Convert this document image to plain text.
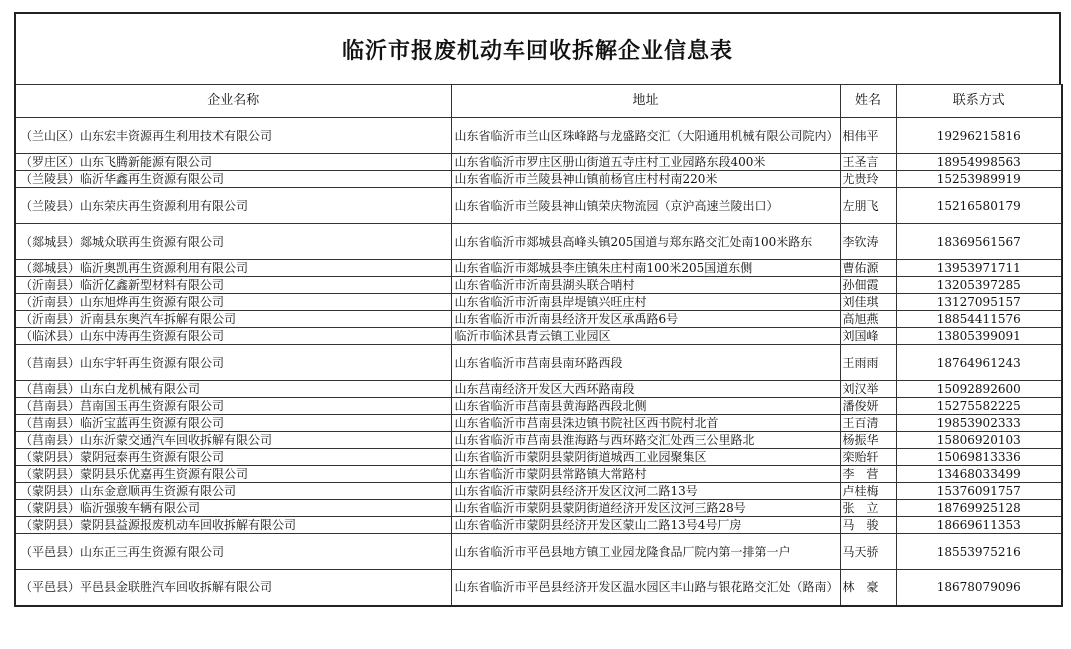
临沂市报废机动车回收拆解企业信息表
企业名称	地址	姓名	联系方式
（兰山区）山东宏丰资源再生利用技术有限公司	山东省临沂市兰山区珠峰路与龙盛路交汇（大阳通用机械有限公司院内）	相伟平	19296215816
（罗庄区）山东飞腾新能源有限公司	山东省临沂市罗庄区册山街道五寺庄村工业园路东段400米	王圣言	18954998563
（兰陵县）临沂华鑫再生资源有限公司	山东省临沂市兰陵县神山镇前杨官庄村村南220米	尤贵玲	15253989919
（兰陵县）山东荣庆再生资源利用有限公司	山东省临沂市兰陵县神山镇荣庆物流园（京沪高速兰陵出口）	左朋飞	15216580179
（郯城县）郯城众联再生资源有限公司	山东省临沂市郯城县高峰头镇205国道与郑东路交汇处南100米路东	李钦涛	18369561567
（郯城县）临沂奥凯再生资源利用有限公司	山东省临沂市郯城县李庄镇朱庄村南100米205国道东侧	曹佑源	13953971711
（沂南县）临沂亿鑫新型材料有限公司	山东省临沂市沂南县湖头联合哨村	孙佃霞	13205397285
（沂南县）山东旭烨再生资源有限公司	山东省临沂市沂南县岸堤镇兴旺庄村	刘佳琪	13127095157
（沂南县）沂南县东奥汽车拆解有限公司	山东省临沂市沂南县经济开发区承禹路6号	高旭燕	18854411576
（临沭县）山东中涛再生资源有限公司	临沂市临沭县青云镇工业园区	刘国峰	13805399091
（莒南县）山东宇轩再生资源有限公司	山东省临沂市莒南县南环路西段	王雨雨	18764961243
（莒南县）山东白龙机械有限公司	山东莒南经济开发区大西环路南段	刘汉举	15092892600
（莒南县）莒南国玉再生资源有限公司	山东省临沂市莒南县黄海路西段北侧	潘俊妍	15275582225
（莒南县）临沂宝蓝再生资源有限公司	山东省临沂市莒南县洙边镇书院社区西书院村北首	王百清	19853902333
（莒南县）山东沂蒙交通汽车回收拆解有限公司	山东省临沂市莒南县淮海路与西环路交汇处西三公里路北	杨振华	15806920103
（蒙阴县）蒙阴冠泰再生资源有限公司	山东省临沂市蒙阴县蒙阴街道城西工业园聚集区	栾贻轩	15069813336
（蒙阴县）蒙阴县乐优嘉再生资源有限公司	山东省临沂市蒙阴县常路镇大常路村	李　营	13468033499
（蒙阴县）山东金意顺再生资源有限公司	山东省临沂市蒙阴县经济开发区汶河二路13号	卢桂梅	15376091757
（蒙阴县）临沂强骏车辆有限公司	山东省临沂市蒙阴县蒙阴街道经济开发区汶河三路28号	张　立	18769925128
（蒙阴县）蒙阴县益源报废机动车回收拆解有限公司	山东省临沂市蒙阴县经济开发区蒙山二路13号4号厂房	马　骏	18669611353
（平邑县）山东正三再生资源有限公司	山东省临沂市平邑县地方镇工业园龙隆食品厂院内第一排第一户	马天骄	18553975216
（平邑县）平邑县金联胜汽车回收拆解有限公司	山东省临沂市平邑县经济开发区温水园区丰山路与银花路交汇处（路南）	林　豪	18678079096
